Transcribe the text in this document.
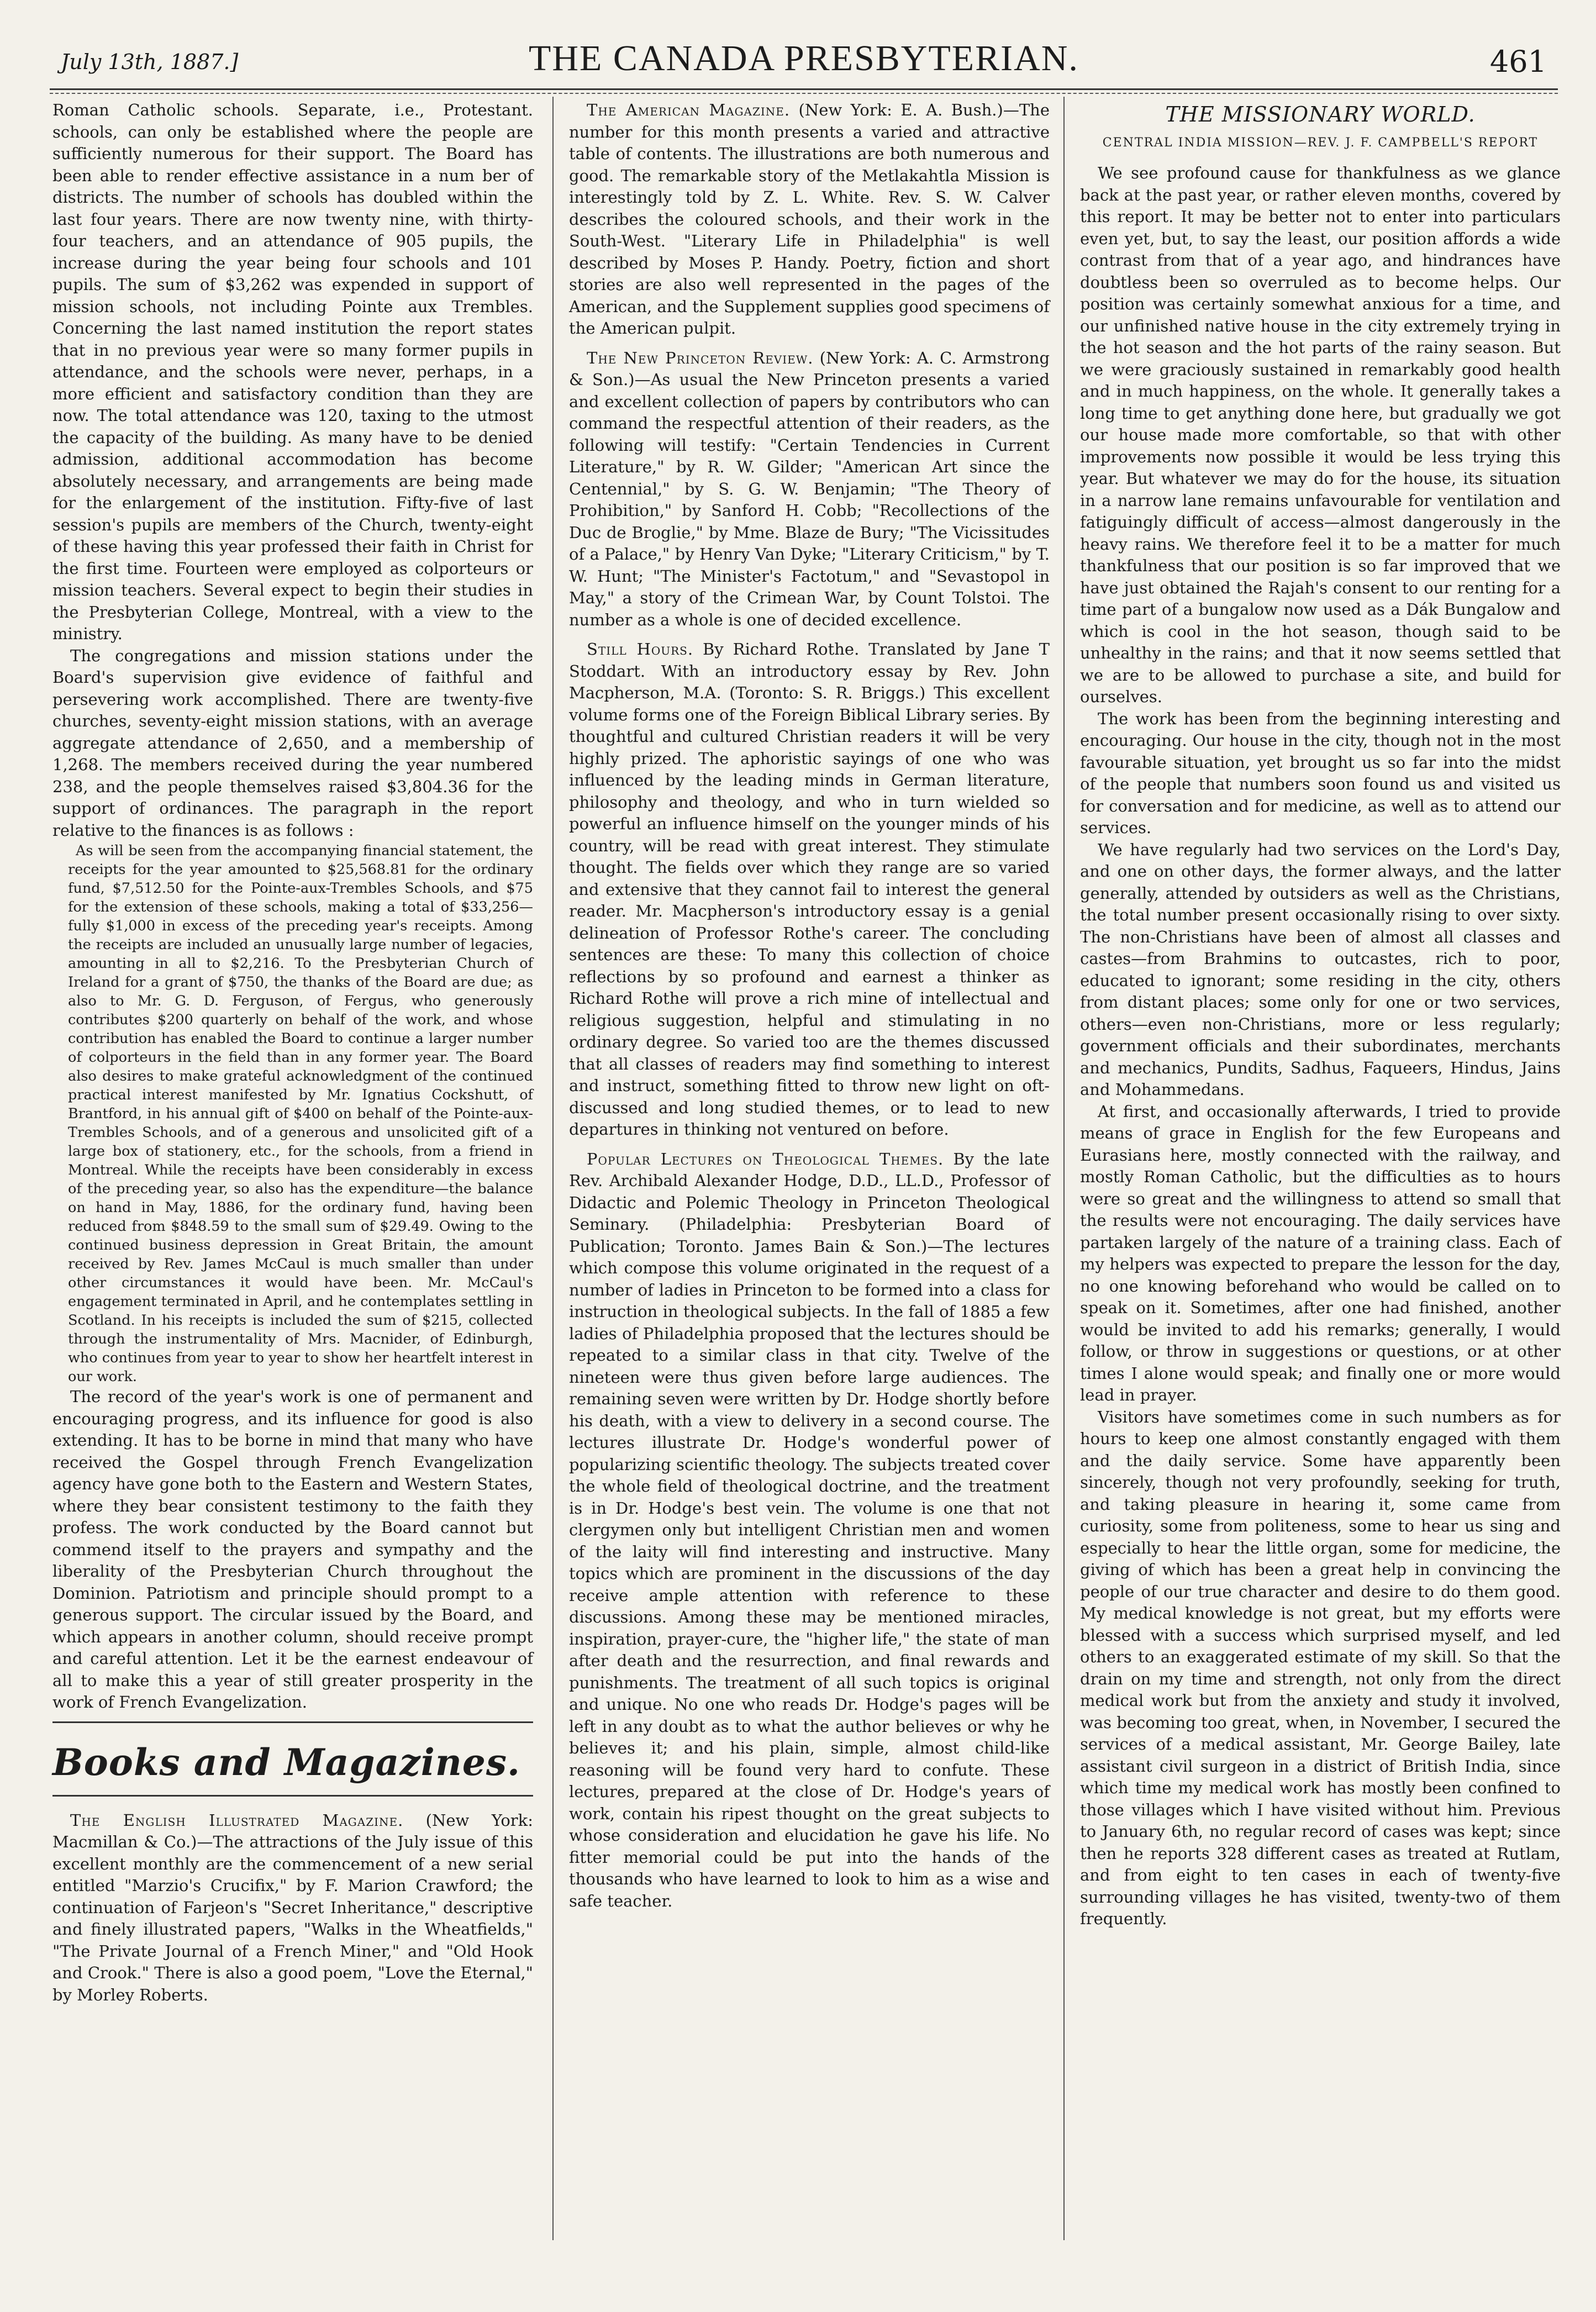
July 13th, 1887.]	THE CANADA PRESBYTERIAN.	461

Roman Catholic schools. Separate, i.e., Protestant. schools, can only be established where the people are sufficiently numerous for their support. The Board has been able to render effective assistance in a num ber of districts. The number of schools has doubled within the last four years. There are now twenty nine, with thirty-four teachers, and an attendance of 905 pupils, the increase during the year being four schools and 101 pupils. The sum of $3,262 was expended in support of mission schools, not including Pointe aux Trembles. Concerning the last named institution the report states that in no previous year were so many former pupils in attendance, and the schools were never, perhaps, in a more efficient and satisfactory condition than they are now. The total attendance was 120, taxing to the utmost the capacity of the building. As many have to be denied admission, additional accommodation has become absolutely necessary, and arrangements are being made for the enlargement of the institution. Fifty-five of last session's pupils are members of the Church, twenty-eight of these having this year professed their faith in Christ for the first time. Fourteen were employed as colporteurs or mission teachers. Several expect to begin their studies in the Presbyterian College, Montreal, with a view to the ministry.

The congregations and mission stations under the Board's supervision give evidence of faithful and persevering work accomplished. There are twenty-five churches, seventy-eight mission stations, with an average aggregate attendance of 2,650, and a membership of 1,268. The members received during the year numbered 238, and the people themselves raised $3,804.36 for the support of ordinances. The paragraph in the report relative to the finances is as follows :

As will be seen from the accompanying financial statement, the receipts for the year amounted to $25,568.81 for the ordinary fund, $7,512.50 for the Pointe-aux-Trembles Schools, and $75 for the extension of these schools, making a total of $33,256—fully $1,000 in excess of the preceding year's receipts. Among the receipts are included an unusually large number of legacies, amounting in all to $2,216. To the Presbyterian Church of Ireland for a grant of $750, the thanks of the Board are due; as also to Mr. G. D. Ferguson, of Fergus, who generously contributes $200 quarterly on behalf of the work, and whose contribution has enabled the Board to continue a larger number of colporteurs in the field than in any former year. The Board also desires to make grateful acknowledgment of the continued practical interest manifested by Mr. Ignatius Cockshutt, of Brantford, in his annual gift of $400 on behalf of the Pointe-aux-Trembles Schools, and of a generous and unsolicited gift of a large box of stationery, etc., for the schools, from a friend in Montreal. While the receipts have been considerably in excess of the preceding year, so also has the expenditure—the balance on hand in May, 1886, for the ordinary fund, having been reduced from $848.59 to the small sum of $29.49. Owing to the continued business depression in Great Britain, the amount received by Rev. James McCaul is much smaller than under other circumstances it would have been. Mr. McCaul's engagement terminated in April, and he contemplates settling in Scotland. In his receipts is included the sum of $215, collected through the instrumentality of Mrs. Macnider, of Edinburgh, who continues from year to year to show her heartfelt interest in our work.

The record of the year's work is one of permanent and encouraging progress, and its influence for good is also extending. It has to be borne in mind that many who have received the Gospel through French Evangelization agency have gone both to the Eastern and Western States, where they bear consistent testimony to the faith they profess. The work conducted by the Board cannot but commend itself to the prayers and sympathy and the liberality of the Presbyterian Church throughout the Dominion. Patriotism and principle should prompt to a generous support. The circular issued by the Board, and which appears in another column, should receive prompt and careful attention. Let it be the earnest endeavour of all to make this a year of still greater prosperity in the work of French Evangelization.

Books and Magazines.

The English Illustrated Magazine. (New York: Macmillan & Co.)—The attractions of the July issue of this excellent monthly are the commencement of a new serial entitled "Marzio's Crucifix," by F. Marion Crawford; the continuation of Farjeon's "Secret Inheritance," descriptive and finely illustrated papers, "Walks in the Wheatfields," "The Private Journal of a French Miner," and "Old Hook and Crook." There is also a good poem, "Love the Eternal," by Morley Roberts.

The American Magazine. (New York: E. A. Bush.)—The number for this month presents a varied and attractive table of contents. The illustrations are both numerous and good. The remarkable story of the Metlakahtla Mission is interestingly told by Z. L. White. Rev. S. W. Calver describes the coloured schools, and their work in the South-West. "Literary Life in Philadelphia" is well described by Moses P. Handy. Poetry, fiction and short stories are also well represented in the pages of the American, and the Supplement supplies good specimens of the American pulpit.

The New Princeton Review. (New York: A. C. Armstrong & Son.)—As usual the New Princeton presents a varied and excellent collection of papers by contributors who can command the respectful attention of their readers, as the following will testify: "Certain Tendencies in Current Literature," by R. W. Gilder; "American Art since the Centennial," by S. G. W. Benjamin; "The Theory of Prohibition," by Sanford H. Cobb; "Recollections of the Duc de Broglie," by Mme. Blaze de Bury; "The Vicissitudes of a Palace," by Henry Van Dyke; "Literary Criticism," by T. W. Hunt; "The Minister's Factotum," and "Sevastopol in May," a story of the Crimean War, by Count Tolstoi. The number as a whole is one of decided excellence.

Still Hours. By Richard Rothe. Translated by Jane T Stoddart. With an introductory essay by Rev. John Macpherson, M.A. (Toronto: S. R. Briggs.) This excellent volume forms one of the Foreign Biblical Library series. By thoughtful and cultured Christian readers it will be very highly prized. The aphoristic sayings of one who was influenced by the leading minds in German literature, philosophy and theology, and who in turn wielded so powerful an influence himself on the younger minds of his country, will be read with great interest. They stimulate thought. The fields over which they range are so varied and extensive that they cannot fail to interest the general reader. Mr. Macpherson's introductory essay is a genial delineation of Professor Rothe's career. The concluding sentences are these: To many this collection of choice reflections by so profound and earnest a thinker as Richard Rothe will prove a rich mine of intellectual and religious suggestion, helpful and stimulating in no ordinary degree. So varied too are the themes discussed that all classes of readers may find something to interest and instruct, something fitted to throw new light on oft-discussed and long studied themes, or to lead to new departures in thinking not ventured on before.

Popular Lectures on Theological Themes. By the late Rev. Archibald Alexander Hodge, D.D., LL.D., Professor of Didactic and Polemic Theology in Princeton Theological Seminary. (Philadelphia: Presbyterian Board of Publication; Toronto. James Bain & Son.)—The lectures which compose this volume originated in the request of a number of ladies in Princeton to be formed into a class for instruction in theological subjects. In the fall of 1885 a few ladies of Philadelphia proposed that the lectures should be repeated to a similar class in that city. Twelve of the nineteen were thus given before large audiences. The remaining seven were written by Dr. Hodge shortly before his death, with a view to delivery in a second course. The lectures illustrate Dr. Hodge's wonderful power of popularizing scientific theology. The subjects treated cover the whole field of theological doctrine, and the treatment is in Dr. Hodge's best vein. The volume is one that not clergymen only but intelligent Christian men and women of the laity will find interesting and instructive. Many topics which are prominent in the discussions of the day receive ample attention with reference to these discussions. Among these may be mentioned miracles, inspiration, prayer-cure, the "higher life," the state of man after death and the resurrection, and final rewards and punishments. The treatment of all such topics is original and unique. No one who reads Dr. Hodge's pages will be left in any doubt as to what the author believes or why he believes it; and his plain, simple, almost child-like reasoning will be found very hard to confute. These lectures, prepared at the close of Dr. Hodge's years of work, contain his ripest thought on the great subjects to whose consideration and elucidation he gave his life. No fitter memorial could be put into the hands of the thousands who have learned to look to him as a wise and safe teacher.

THE MISSIONARY WORLD.
CENTRAL INDIA MISSION—REV. J. F. CAMPBELL'S REPORT

We see profound cause for thankfulness as we glance back at the past year, or rather eleven months, covered by this report. It may be better not to enter into particulars even yet, but, to say the least, our position affords a wide contrast from that of a year ago, and hindrances have doubtless been so overruled as to become helps. Our position was certainly somewhat anxious for a time, and our unfinished native house in the city extremely trying in the hot season and the hot parts of the rainy season. But we were graciously sustained in remarkably good health and in much happiness, on the whole. It generally takes a long time to get anything done here, but gradually we got our house made more comfortable, so that with other improvements now possible it would be less trying this year. But whatever we may do for the house, its situation in a narrow lane remains unfavourable for ventilation and fatiguingly difficult of access—almost dangerously in the heavy rains. We therefore feel it to be a matter for much thankfulness that our position is so far improved that we have just obtained the Rajah's consent to our renting for a time part of a bungalow now used as a Dák Bungalow and which is cool in the hot season, though said to be unhealthy in the rains; and that it now seems settled that we are to be allowed to purchase a site, and build for ourselves.

The work has been from the beginning interesting and encouraging. Our house in the city, though not in the most favourable situation, yet brought us so far into the midst of the people that numbers soon found us and visited us for conversation and for medicine, as well as to attend our services.

We have regularly had two services on the Lord's Day, and one on other days, the former always, and the latter generally, attended by outsiders as well as the Christians, the total number present occasionally rising to over sixty. The non-Christians have been of almost all classes and castes—from Brahmins to outcastes, rich to poor, educated to ignorant; some residing in the city, others from distant places; some only for one or two services, others—even non-Christians, more or less regularly; government officials and their subordinates, merchants and mechanics, Pundits, Sadhus, Faqueers, Hindus, Jains and Mohammedans.

At first, and occasionally afterwards, I tried to provide means of grace in English for the few Europeans and Eurasians here, mostly connected with the railway, and mostly Roman Catholic, but the difficulties as to hours were so great and the willingness to attend so small that the results were not encouraging. The daily services have partaken largely of the nature of a training class. Each of my helpers was expected to prepare the lesson for the day, no one knowing beforehand who would be called on to speak on it. Sometimes, after one had finished, another would be invited to add his remarks; generally, I would follow, or throw in suggestions or questions, or at other times I alone would speak; and finally one or more would lead in prayer.

Visitors have sometimes come in such numbers as for hours to keep one almost constantly engaged with them and the daily service. Some have apparently been sincerely, though not very profoundly, seeking for truth, and taking pleasure in hearing it, some came from curiosity, some from politeness, some to hear us sing and especially to hear the little organ, some for medicine, the giving of which has been a great help in convincing the people of our true character and desire to do them good. My medical knowledge is not great, but my efforts were blessed with a success which surprised myself, and led others to an exaggerated estimate of my skill. So that the drain on my time and strength, not only from the direct medical work but from the anxiety and study it involved, was becoming too great, when, in November, I secured the services of a medical assistant, Mr. George Bailey, late assistant civil surgeon in a district of British India, since which time my medical work has mostly been confined to those villages which I have visited without him. Previous to January 6th, no regular record of cases was kept; since then he reports 328 different cases as treated at Rutlam, and from eight to ten cases in each of twenty-five surrounding villages he has visited, twenty-two of them frequently.
